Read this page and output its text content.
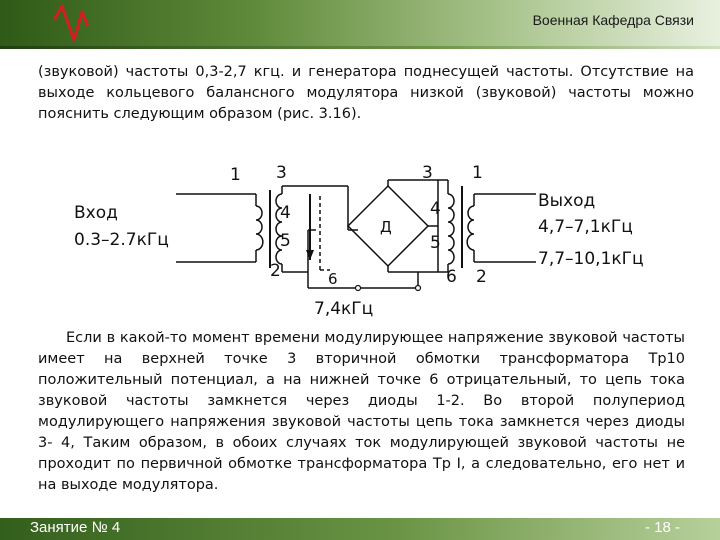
Военная Кафедра Связи

(звуковой) частоты 0,3-2,7 кгц. и генератора поднесущей частоты. Отсутствие на выходе кольцевого балансного модулятора низкой (звуковой) частоты можно пояснить следующим образом (рис. 3.16).

Вход
0.3–2.7кГц
1 3
4
5
2	6
Д
7,4кГц
3 1
4
5
6 2
Выход
4,7–7,1кГц
7,7–10,1кГц

Если в какой-то момент времени модулирующее напряжение звуковой частоты имеет на верхней точке 3 вторичной обмотки трансформатора Тр10 положительный потенциал, а на нижней точке 6 отрицательный, то цепь тока звуковой частоты замкнется через диоды 1-2. Во второй полупериод модулирующего напряжения звуковой частоты цепь тока замкнется через диоды 3- 4, Таким образом, в обоих случаях ток модулирующей звуковой частоты не проходит по первичной обмотке трансформатора Тр I, а следовательно, его нет и на выходе модулятора.

Занятие № 4	- 18 -
